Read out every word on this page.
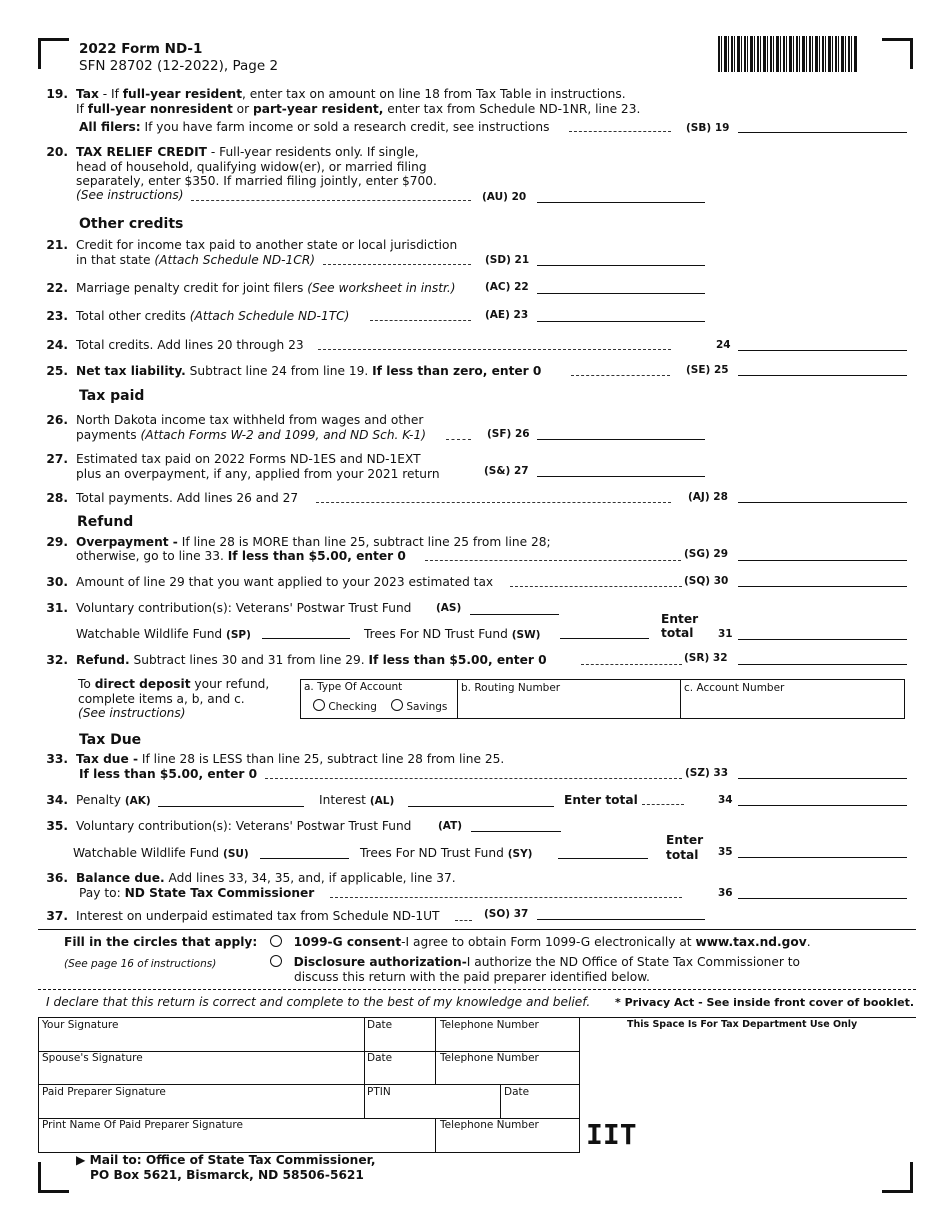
2022 Form ND-1
SFN 28702 (12-2022), Page 2
19. Tax - If full-year resident, enter tax on amount on line 18 from Tax Table in instructions.
If full-year nonresident or part-year resident, enter tax from Schedule ND-1NR, line 23.
All filers: If you have farm income or sold a research credit, see instructions	(SB) 19
20. TAX RELIEF CREDIT - Full-year residents only. If single,
head of household, qualifying widow(er), or married filing
separately, enter $350. If married filing jointly, enter $700.
(See instructions)	(AU) 20
Other credits
21. Credit for income tax paid to another state or local jurisdiction
in that state (Attach Schedule ND-1CR)	(SD) 21
22. Marriage penalty credit for joint filers (See worksheet in instr.)	(AC) 22
23. Total other credits (Attach Schedule ND-1TC)	(AE) 23
24. Total credits. Add lines 20 through 23	24
25. Net tax liability. Subtract line 24 from line 19. If less than zero, enter 0	(SE) 25
Tax paid
26. North Dakota income tax withheld from wages and other
payments (Attach Forms W-2 and 1099, and ND Sch. K-1)	(SF) 26
27. Estimated tax paid on 2022 Forms ND-1ES and ND-1EXT
plus an overpayment, if any, applied from your 2021 return	(S&) 27
28. Total payments. Add lines 26 and 27	(AJ) 28
Refund
29. Overpayment - If line 28 is MORE than line 25, subtract line 25 from line 28;
otherwise, go to line 33. If less than $5.00, enter 0	(SG) 29
30. Amount of line 29 that you want applied to your 2023 estimated tax	(SQ) 30
31. Voluntary contribution(s): Veterans' Postwar Trust Fund (AS)
Watchable Wildlife Fund (SP)	Trees For ND Trust Fund (SW)
Enter
total 31
32. Refund. Subtract lines 30 and 31 from line 29. If less than $5.00, enter 0	(SR) 32
To direct deposit your refund,
complete items a, b, and c.
(See instructions)
a. Type Of Account
Checking	Savings
b. Routing Number	c. Account Number
Tax Due
33. Tax due - If line 28 is LESS than line 25, subtract line 28 from line 25.
If less than $5.00, enter 0	(SZ) 33
34. Penalty (AK)	Interest (AL)	Enter total	34
35. Voluntary contribution(s): Veterans' Postwar Trust Fund	(AT)
Watchable Wildlife Fund (SU)	Trees For ND Trust Fund (SY)
Enter
total 35
36. Balance due. Add lines 33, 34, 35, and, if applicable, line 37.
Pay to: ND State Tax Commissioner	36
37. Interest on underpaid estimated tax from Schedule ND-1UT	(SO) 37
Fill in the circles that apply:
(See page 16 of instructions)
1099-G consent-I agree to obtain Form 1099-G electronically at www.tax.nd.gov.
Disclosure authorization-I authorize the ND Office of State Tax Commissioner to
discuss this return with the paid preparer identified below.
I declare that this return is correct and complete to the best of my knowledge and belief. * Privacy Act - See inside front cover of booklet.
Your Signature	Date	Telephone Number
Spouse's Signature	Date	Telephone Number
Paid Preparer Signature	PTIN	Date
Print Name Of Paid Preparer Signature	Telephone Number
This Space Is For Tax Department Use Only
IIT
▶ Mail to: Office of State Tax Commissioner,
PO Box 5621, Bismarck, ND 58506-5621
